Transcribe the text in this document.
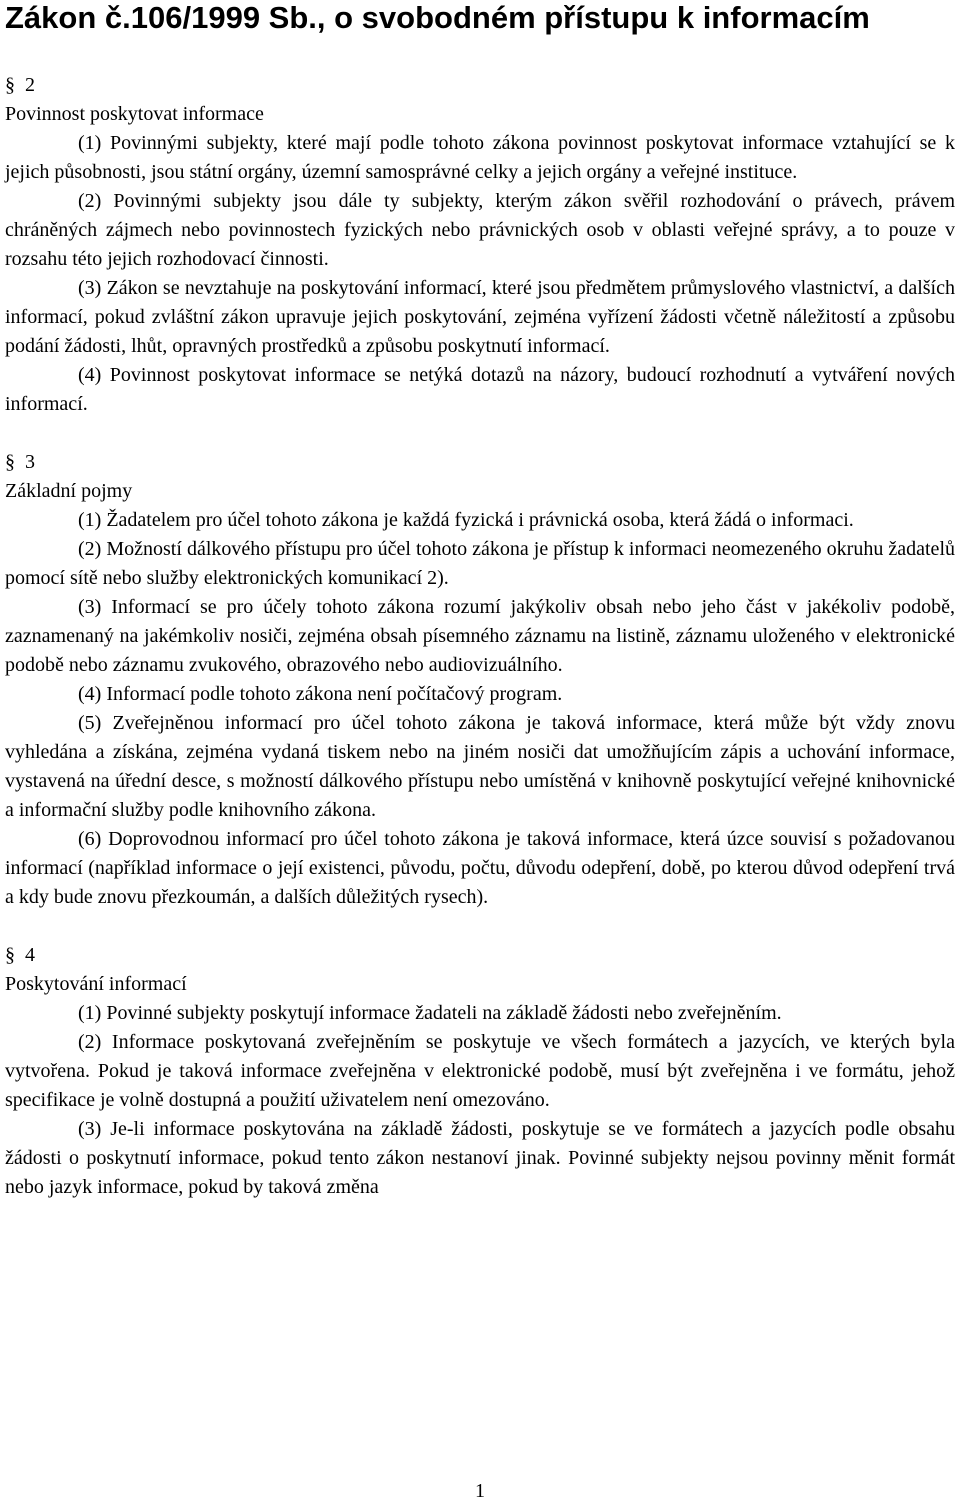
Zákon č.106/1999 Sb., o svobodném přístupu k informacím

§ 2

Povinnost poskytovat informace

(1) Povinnými subjekty, které mají podle tohoto zákona povinnost poskytovat informace vztahující se k jejich působnosti, jsou státní orgány, územní samosprávné celky a jejich orgány a veřejné instituce.

(2) Povinnými subjekty jsou dále ty subjekty, kterým zákon svěřil rozhodování o právech, právem chráněných zájmech nebo povinnostech fyzických nebo právnických osob v oblasti veřejné správy, a to pouze v rozsahu této jejich rozhodovací činnosti.

(3) Zákon se nevztahuje na poskytování informací, které jsou předmětem průmyslového vlastnictví, a dalších informací, pokud zvláštní zákon upravuje jejich poskytování, zejména vyřízení žádosti včetně náležitostí a způsobu podání žádosti, lhůt, opravných prostředků a způsobu poskytnutí informací.

(4) Povinnost poskytovat informace se netýká dotazů na názory, budoucí rozhodnutí a vytváření nových informací.

§ 3

Základní pojmy

(1) Žadatelem pro účel tohoto zákona je každá fyzická i právnická osoba, která žádá o informaci.

(2) Možností dálkového přístupu pro účel tohoto zákona je přístup k informaci neomezeného okruhu žadatelů pomocí sítě nebo služby elektronických komunikací 2).

(3) Informací se pro účely tohoto zákona rozumí jakýkoliv obsah nebo jeho část v jakékoliv podobě, zaznamenaný na jakémkoliv nosiči, zejména obsah písemného záznamu na listině, záznamu uloženého v elektronické podobě nebo záznamu zvukového, obrazového nebo audiovizuálního.

(4) Informací podle tohoto zákona není počítačový program.

(5) Zveřejněnou informací pro účel tohoto zákona je taková informace, která může být vždy znovu vyhledána a získána, zejména vydaná tiskem nebo na jiném nosiči dat umožňujícím zápis a uchování informace, vystavená na úřední desce, s možností dálkového přístupu nebo umístěná v knihovně poskytující veřejné knihovnické a informační služby podle knihovního zákona.

(6) Doprovodnou informací pro účel tohoto zákona je taková informace, která úzce souvisí s požadovanou informací (například informace o její existenci, původu, počtu, důvodu odepření, době, po kterou důvod odepření trvá a kdy bude znovu přezkoumán, a dalších důležitých rysech).

§ 4

Poskytování informací

(1) Povinné subjekty poskytují informace žadateli na základě žádosti nebo zveřejněním.

(2) Informace poskytovaná zveřejněním se poskytuje ve všech formátech a jazycích, ve kterých byla vytvořena. Pokud je taková informace zveřejněna v elektronické podobě, musí být zveřejněna i ve formátu, jehož specifikace je volně dostupná a použití uživatelem není omezováno.

(3) Je-li informace poskytována na základě žádosti, poskytuje se ve formátech a jazycích podle obsahu žádosti o poskytnutí informace, pokud tento zákon nestanoví jinak. Povinné subjekty nejsou povinny měnit formát nebo jazyk informace, pokud by taková změna

1
